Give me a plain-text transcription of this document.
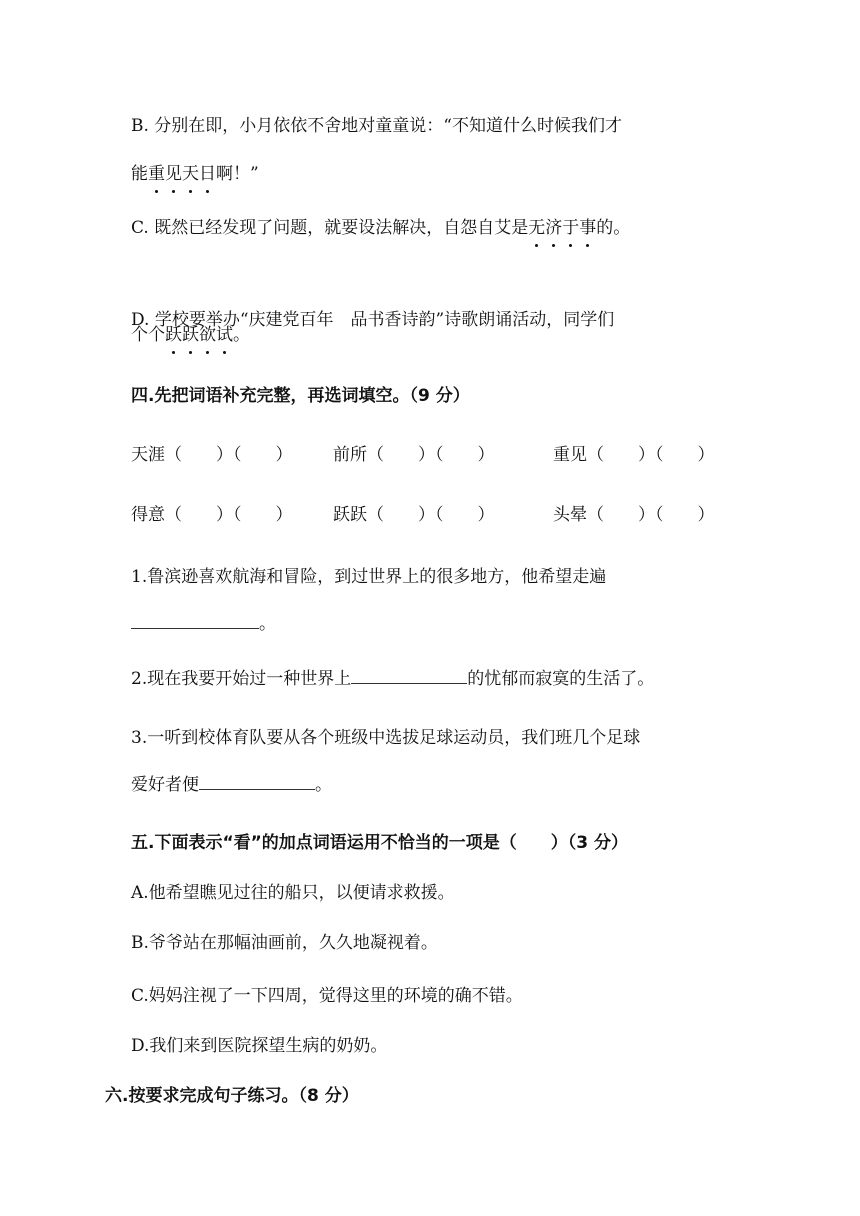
B. 分别在即，小月依依不舍地对童童说：“不知道什么时候我们才
能重见天日啊！”
C. 既然已经发现了问题，就要设法解决，自怨自艾是无济于事的。
D. 学校要举办“庆建党百年　品书香诗韵”诗歌朗诵活动，同学们
个个跃跃欲试。
四.先把词语补充完整，再选词填空。（9 分）
天涯（　　）（　　） 前所（　　）（　　）	重见（　　）（　　）
得意（　　）（　　） 跃跃（　　）（　　）	头晕（　　）（　　）
1.鲁滨逊喜欢航海和冒险，到过世界上的很多地方，他希望走遍
。
2.现在我要开始过一种世界上	的忧郁而寂寞的生活了。
3.一听到校体育队要从各个班级中选拔足球运动员，我们班几个足球
爱好者便	。
五.下面表示“看”的加点词语运用不恰当的一项是（　　）（3 分）
A.他希望瞧见过往的船只，以便请求救援。
B.爷爷站在那幅油画前，久久地凝视着。
C.妈妈注视了一下四周，觉得这里的环境的确不错。
D.我们来到医院探望生病的奶奶。
六.按要求完成句子练习。（8 分）
